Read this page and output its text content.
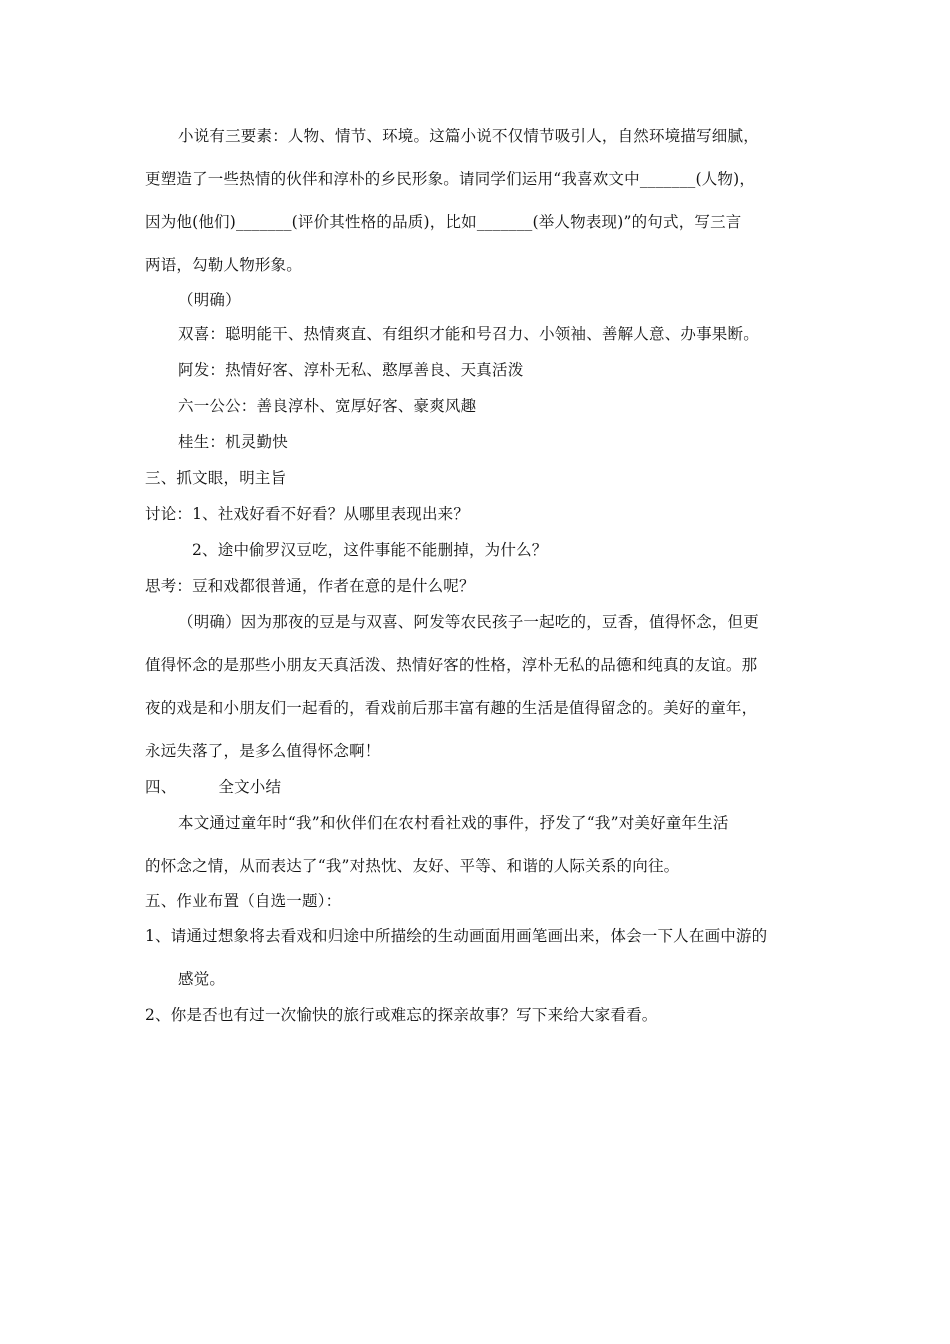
小说有三要素：人物、情节、环境。这篇小说不仅情节吸引人，自然环境描写细腻，
更塑造了一些热情的伙伴和淳朴的乡民形象。请同学们运用“我喜欢文中_______(人物)，
因为他(他们)_______(评价其性格的品质)，比如_______(举人物表现)”的句式，写三言
两语，勾勒人物形象。
（明确）
双喜：聪明能干、热情爽直、有组织才能和号召力、小领袖、善解人意、办事果断。
阿发：热情好客、淳朴无私、憨厚善良、天真活泼
六一公公：善良淳朴、宽厚好客、豪爽风趣
桂生：机灵勤快
三、抓文眼，明主旨
讨论：1、社戏好看不好看？从哪里表现出来？
2、途中偷罗汉豆吃，这件事能不能删掉，为什么？
思考：豆和戏都很普通，作者在意的是什么呢？
（明确）因为那夜的豆是与双喜、阿发等农民孩子一起吃的，豆香，值得怀念，但更
值得怀念的是那些小朋友天真活泼、热情好客的性格，淳朴无私的品德和纯真的友谊。那
夜的戏是和小朋友们一起看的，看戏前后那丰富有趣的生活是值得留念的。美好的童年，
永远失落了，是多么值得怀念啊！
四、	全文小结
本文通过童年时“我”和伙伴们在农村看社戏的事件，抒发了“我”对美好童年生活
的怀念之情，从而表达了“我”对热忱、友好、平等、和谐的人际关系的向往。
五、作业布置（自选一题）：
1、请通过想象将去看戏和归途中所描绘的生动画面用画笔画出来，体会一下人在画中游的
感觉。
2、你是否也有过一次愉快的旅行或难忘的探亲故事？写下来给大家看看。
